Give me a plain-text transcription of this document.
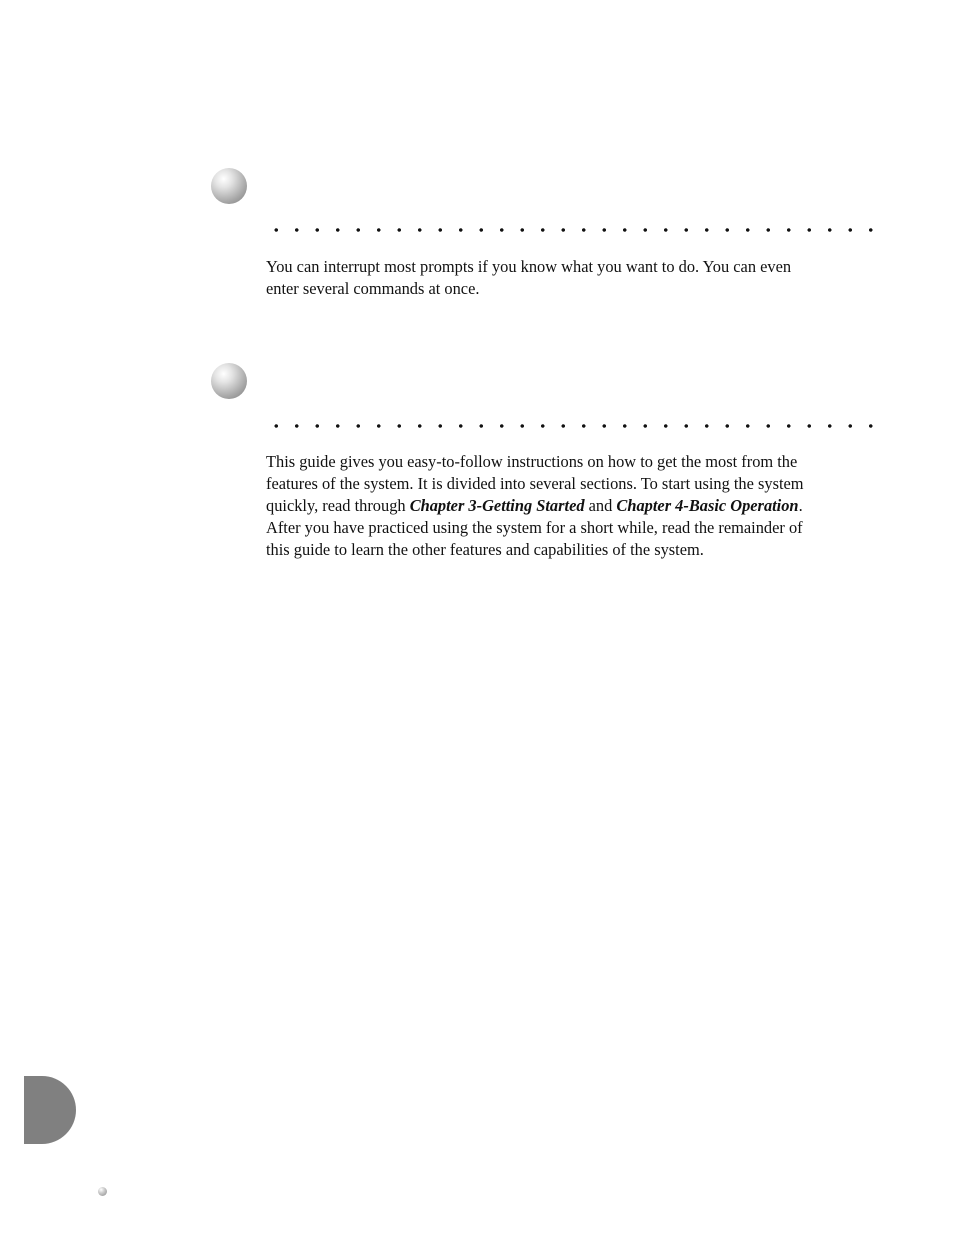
You can interrupt most prompts if you know what you want to do. You can even
enter several commands at once.

This guide gives you easy-to-follow instructions on how to get the most from the
features of the system. It is divided into several sections. To start using the system
quickly, read through Chapter 3-Getting Started and Chapter 4-Basic Operation.
After you have practiced using the system for a short while, read the remainder of
this guide to learn the other features and capabilities of the system.
